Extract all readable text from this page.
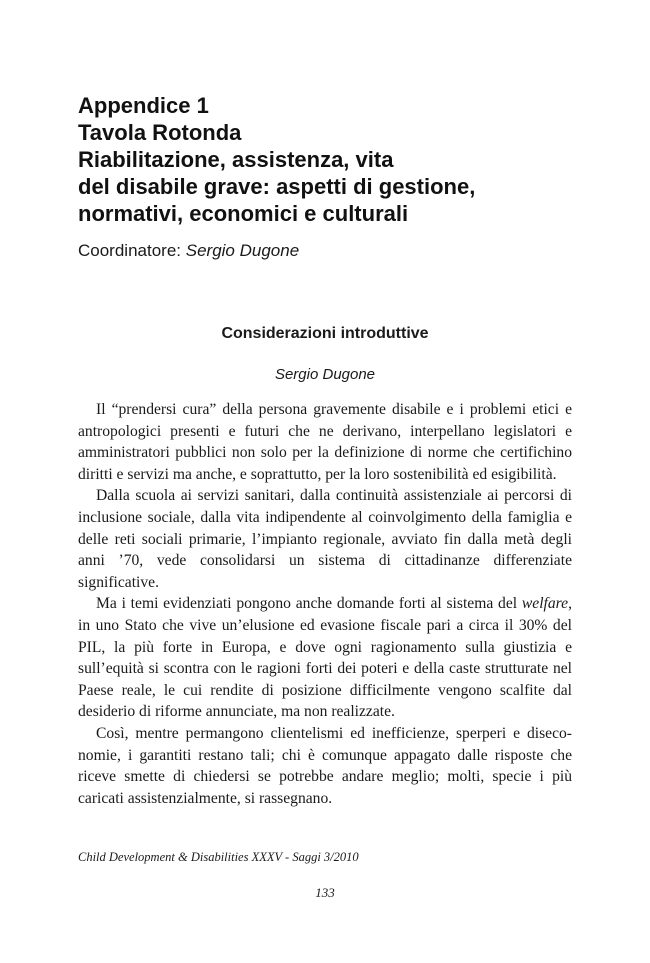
Appendice 1
Tavola Rotonda
Riabilitazione, assistenza, vita
del disabile grave: aspetti di gestione,
normativi, economici e culturali
Coordinatore: Sergio Dugone
Considerazioni introduttive
Sergio Dugone

Il “prendersi cura” della persona gravemente disabile e i problemi etici e antropologici presenti e futuri che ne derivano, interpellano legislatori e amministratori pubblici non solo per la definizione di norme che certifichino diritti e servizi ma anche, e soprattutto, per la loro sostenibilità ed esigibilità.

Dalla scuola ai servizi sanitari, dalla continuità assistenziale ai percorsi di inclusione sociale, dalla vita indipendente al coinvolgimento della famiglia e delle reti sociali primarie, l’impianto regionale, avviato fin dalla metà degli anni ’70, vede consolidarsi un sistema di cittadinanze differenziate significative.

Ma i temi evidenziati pongono anche domande forti al sistema del welfare, in uno Stato che vive un’elusione ed evasione fiscale pari a circa il 30% del PIL, la più forte in Europa, e dove ogni ragionamento sulla giustizia e sull’equità si scontra con le ragioni forti dei poteri e della caste strutturate nel Paese reale, le cui rendite di posizione difficilmente vengono scalfite dal desiderio di riforme annunciate, ma non realizzate.

Così, mentre permangono clientelismi ed inefficienze, sperperi e diseconomie, i garantiti restano tali; chi è comunque appagato dalle risposte che riceve smette di chiedersi se potrebbe andare meglio; molti, specie i più caricati assistenzialmente, si rassegnano.

Child Development & Disabilities XXXV - Saggi 3/2010
133
